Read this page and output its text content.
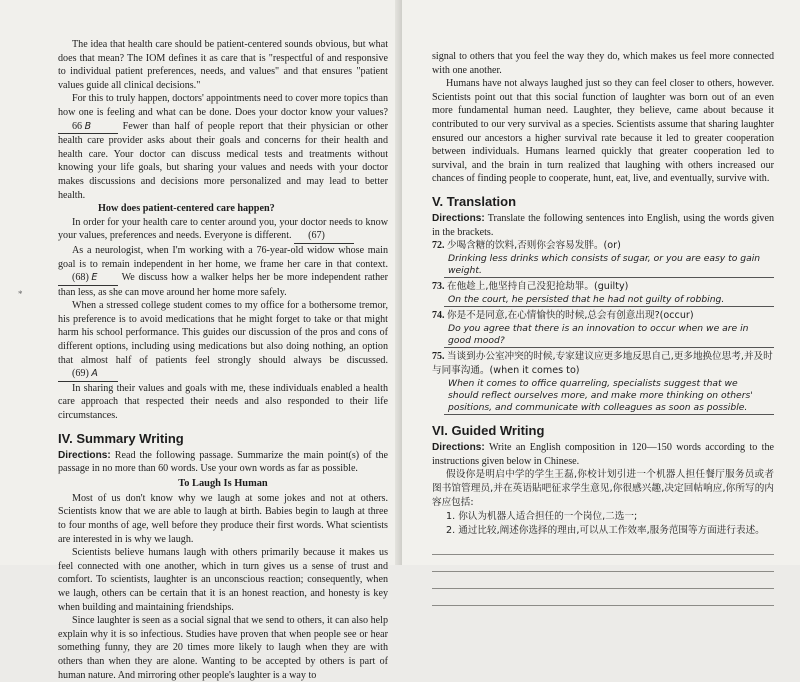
The idea that health care should be patient-centered sounds obvious, but what does that mean? The IOM defines it as care that is "respectful of and responsive to individual patient preferences, needs, and values" and that ensures "patient values guide all clinical decisions."

For this to truly happen, doctors' appointments need to cover more topics than how one is feeling and what can be done. Does your doctor know your values? 66 B	Fewer than half of people report that their physician or other health care provider asks about their goals and concerns for their health and health care. Your doctor can discuss medical tests and treatments without knowing your life goals, but sharing your values and needs with your doctor makes discussions and decisions more personalized and may lead to better health.

How does patient-centered care happen?

In order for your health care to center around you, your doctor needs to know your values, preferences and needs. Everyone is different. (67)

As a neurologist, when I'm working with a 76-year-old widow whose main goal is to remain independent in her home, we frame her care in that context. (68) E We discuss how a walker helps her be more independent rather than less, as she can move around her home more safely.

When a stressed college student comes to my office for a bothersome tremor, his preference is to avoid medications that he might forget to take or that might harm his school performance. This guides our discussion of the pros and cons of different options, including using medications but also doing nothing, an option that almost half of patients feel strongly should always be discussed. (69) A

In sharing their values and goals with me, these individuals enabled a health care approach that respected their needs and also responded to their life circumstances.

IV. Summary Writing

Directions: Read the following passage. Summarize the main point(s) of the passage in no more than 60 words. Use your own words as far as possible.

To Laugh Is Human

Most of us don't know why we laugh at some jokes and not at others. Scientists know that we are able to laugh at birth. Babies begin to laugh at three to four months of age, well before they produce their first words. What scientists are interested in is why we laugh.

Scientists believe humans laugh with others primarily because it makes us feel connected with one another, which in turn gives us a sense of trust and comfort. To scientists, laughter is an unconscious reaction; consequently, when we laugh, others can be certain that it is an honest reaction, and honesty is key when building and maintaining friendships.

Since laughter is seen as a social signal that we send to others, it can also help explain why it is so infectious. Studies have proven that when people see or hear something funny, they are 20 times more likely to laugh when they are with others than when they are alone. Wanting to be accepted by others is part of human nature. And mirroring other people's laughter is a way to

*

signal to others that you feel the way they do, which makes us feel more connected with one another.

Humans have not always laughed just so they can feel closer to others, however. Scientists point out that this social function of laughter was born out of an even more fundamental human need. Laughter, they believe, came about because it contributed to our very survival as a species. Scientists assume that sharing laughter ensured our ancestors a higher survival rate because it led to greater cooperation between individuals. Humans learned quickly that greater cooperation led to survival, and the brain in turn realized that laughing with others increased our chances of finding people to cooperate, hunt, eat, live, and eventually, survive with.

V. Translation

Directions: Translate the following sentences into English, using the words given in the brackets.

72. 少喝含糖的饮料,否则你会容易发胖。(or)
Drinking less drinks which consists of sugar, or you are easy to gain weight.
73. 在他趁上,他坚持自己没犯抢劫罪。(guilty)
On the court, he persisted that he had not guilty of robbing.
74. 你是不是同意,在心情愉快的时候,总会有创意出现?(occur)
Do you agree that there is an innovation to occur when we are in good mood?
75. 当谈到办公室冲突的时候,专家建议应更多地反思自己,更多地换位思考,并及时与同事沟通。(when it comes to)
When it comes to office quarreling, specialists suggest that we should reflect ourselves more, and make more thinking on others' positions, and communicate with colleagues as soon as possible.
VI. Guided Writing

Directions: Write an English composition in 120—150 words according to the instructions given below in Chinese.

假设你是明启中学的学生王磊,你校计划引进一个机器人担任餐厅服务员或者图书馆管理员,并在英语貼吧征求学生意见,你很感兴趣,决定回帖响应,你所写的内容应包括:

1. 你认为机器人适合担任的一个岗位,二选一;

2. 通过比较,阐述你选择的理由,可以从工作效率,服务范围等方面进行表述。
